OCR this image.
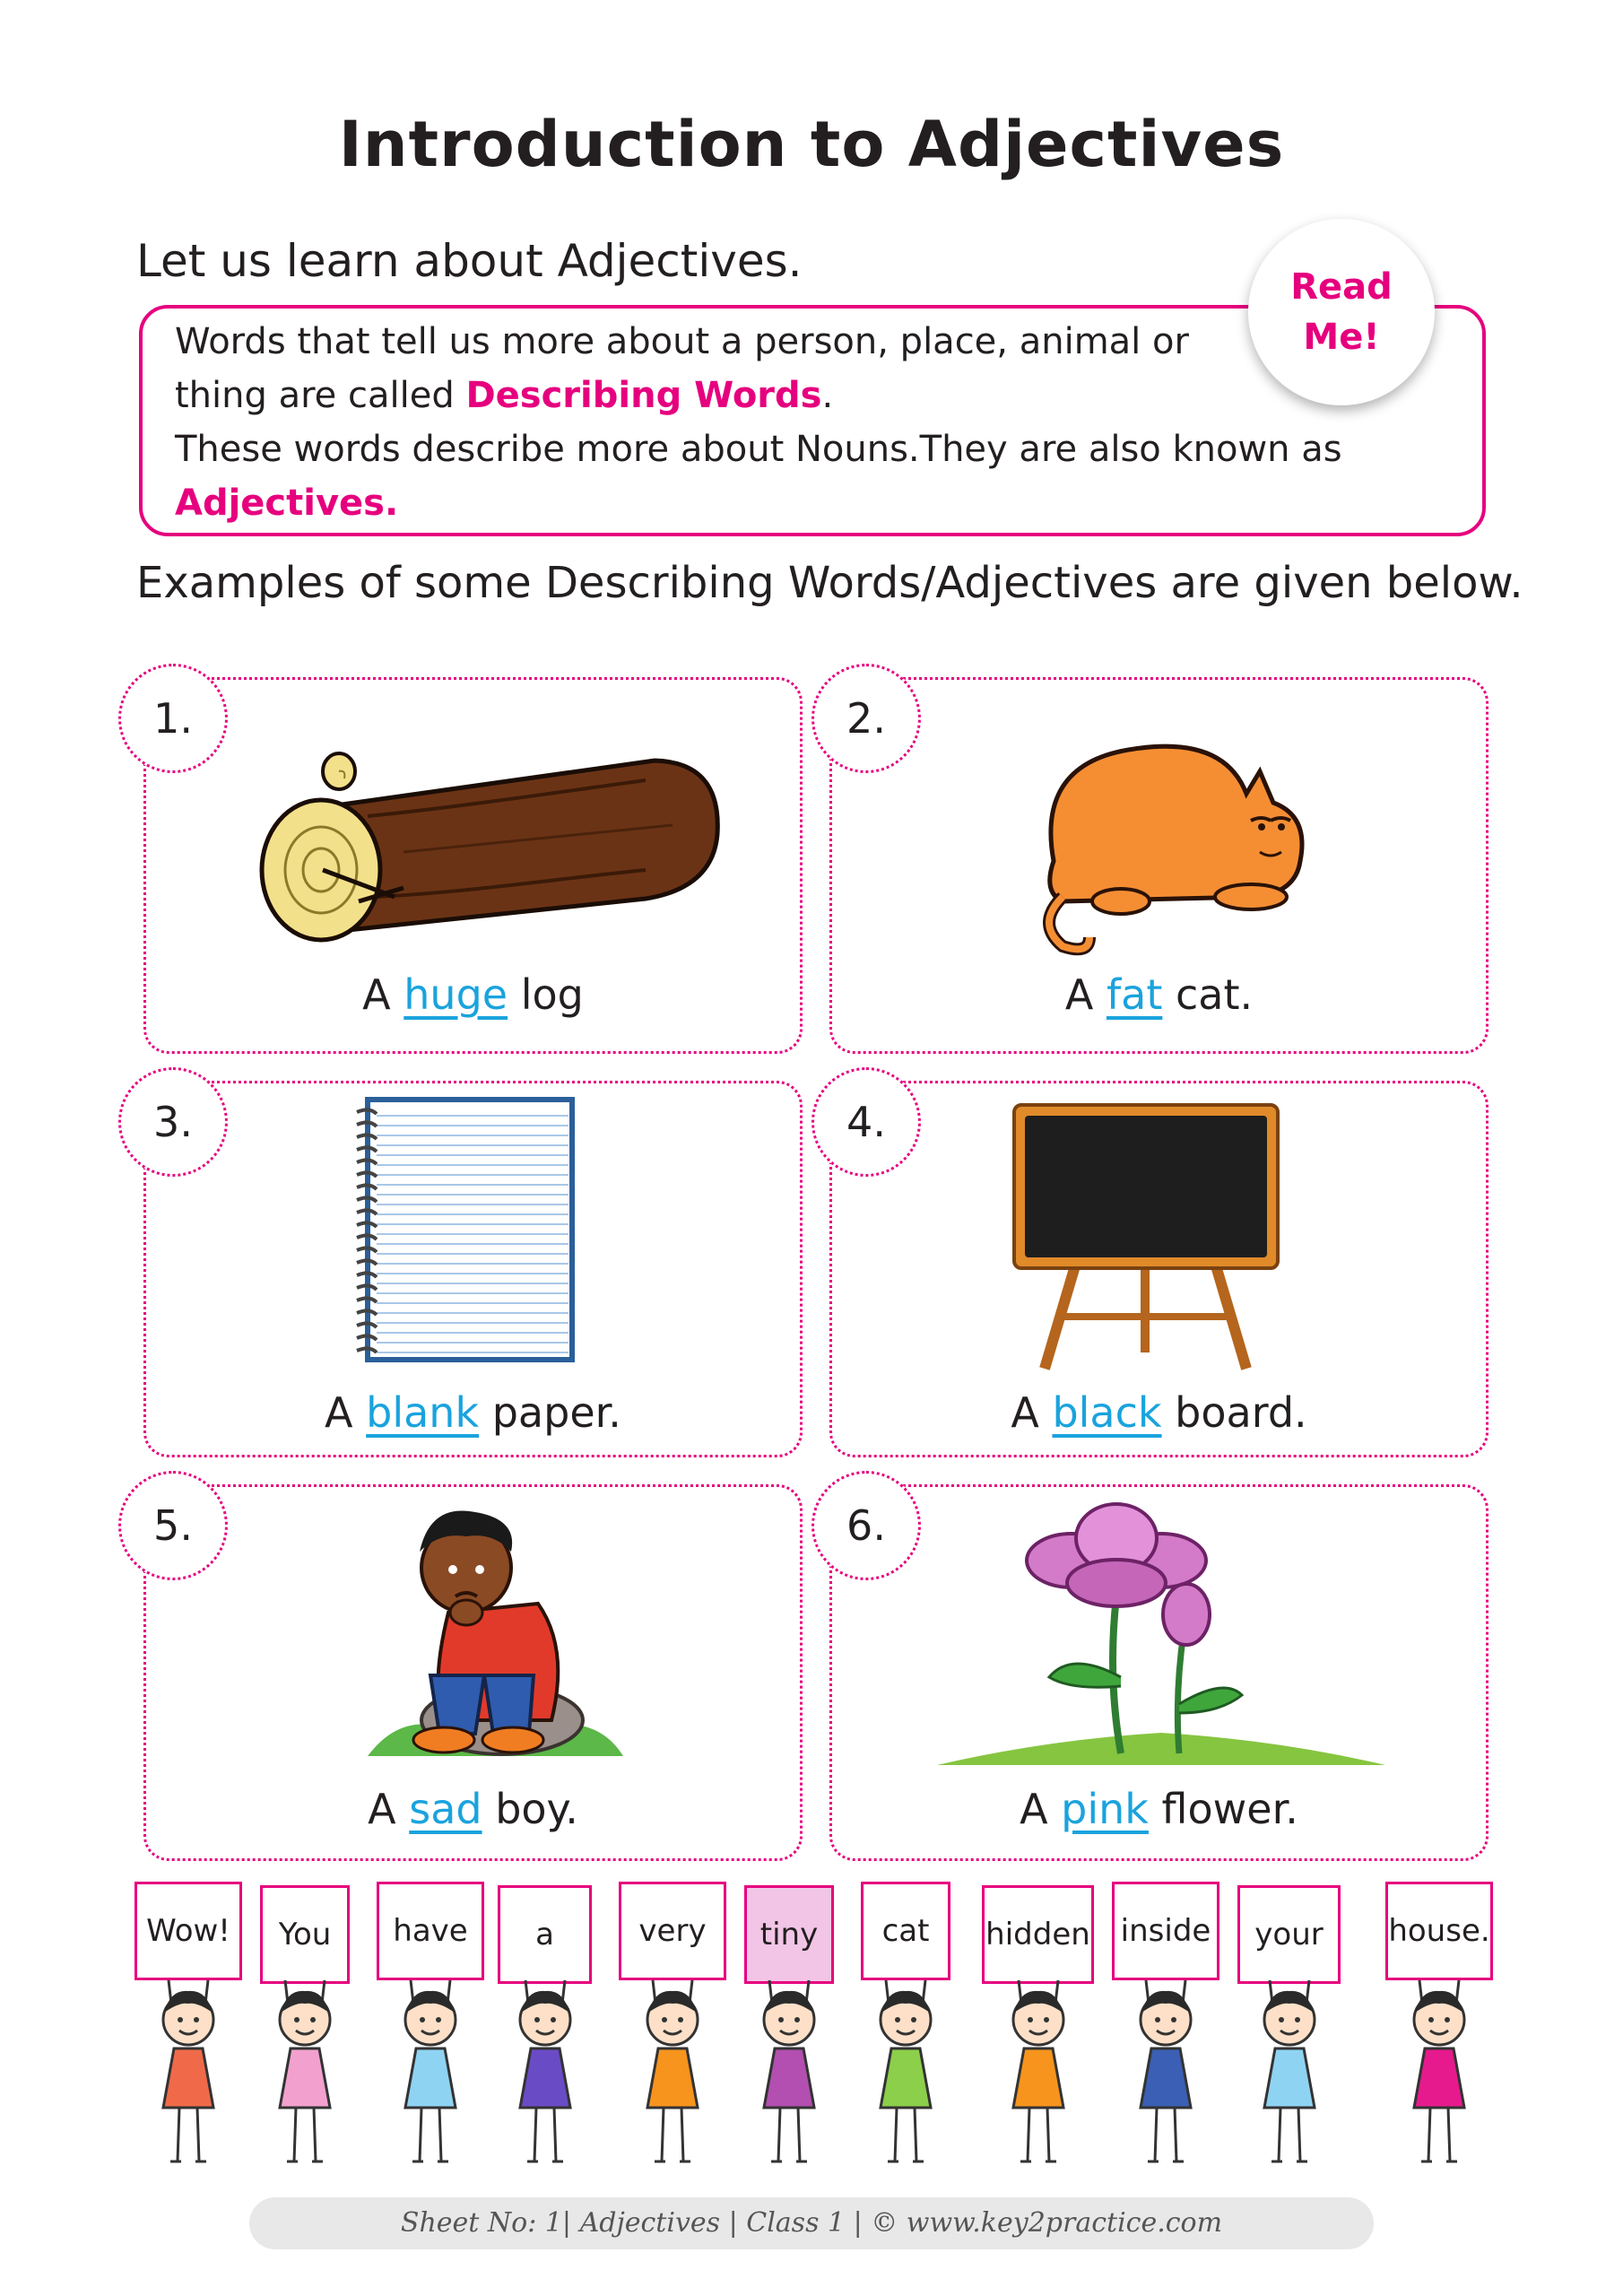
Introduction to Adjectives
Let us learn about Adjectives.
Words that tell us more about a person, place, animal or
thing are called Describing Words.
These words describe more about Nouns.They are also known as
Adjectives.
Read
Me!
Examples of some Describing Words/Adjectives are given below.
1.
A huge log
2.
A fat cat.
3.
A blank paper.
4.
A black board.
5.
A sad boy.
6.
A pink flower.
Wow!	You	have	a	very	tiny	cat	hidden inside	your	house.
Sheet No: 1| Adjectives | Class 1 | © www.key2practice.com
